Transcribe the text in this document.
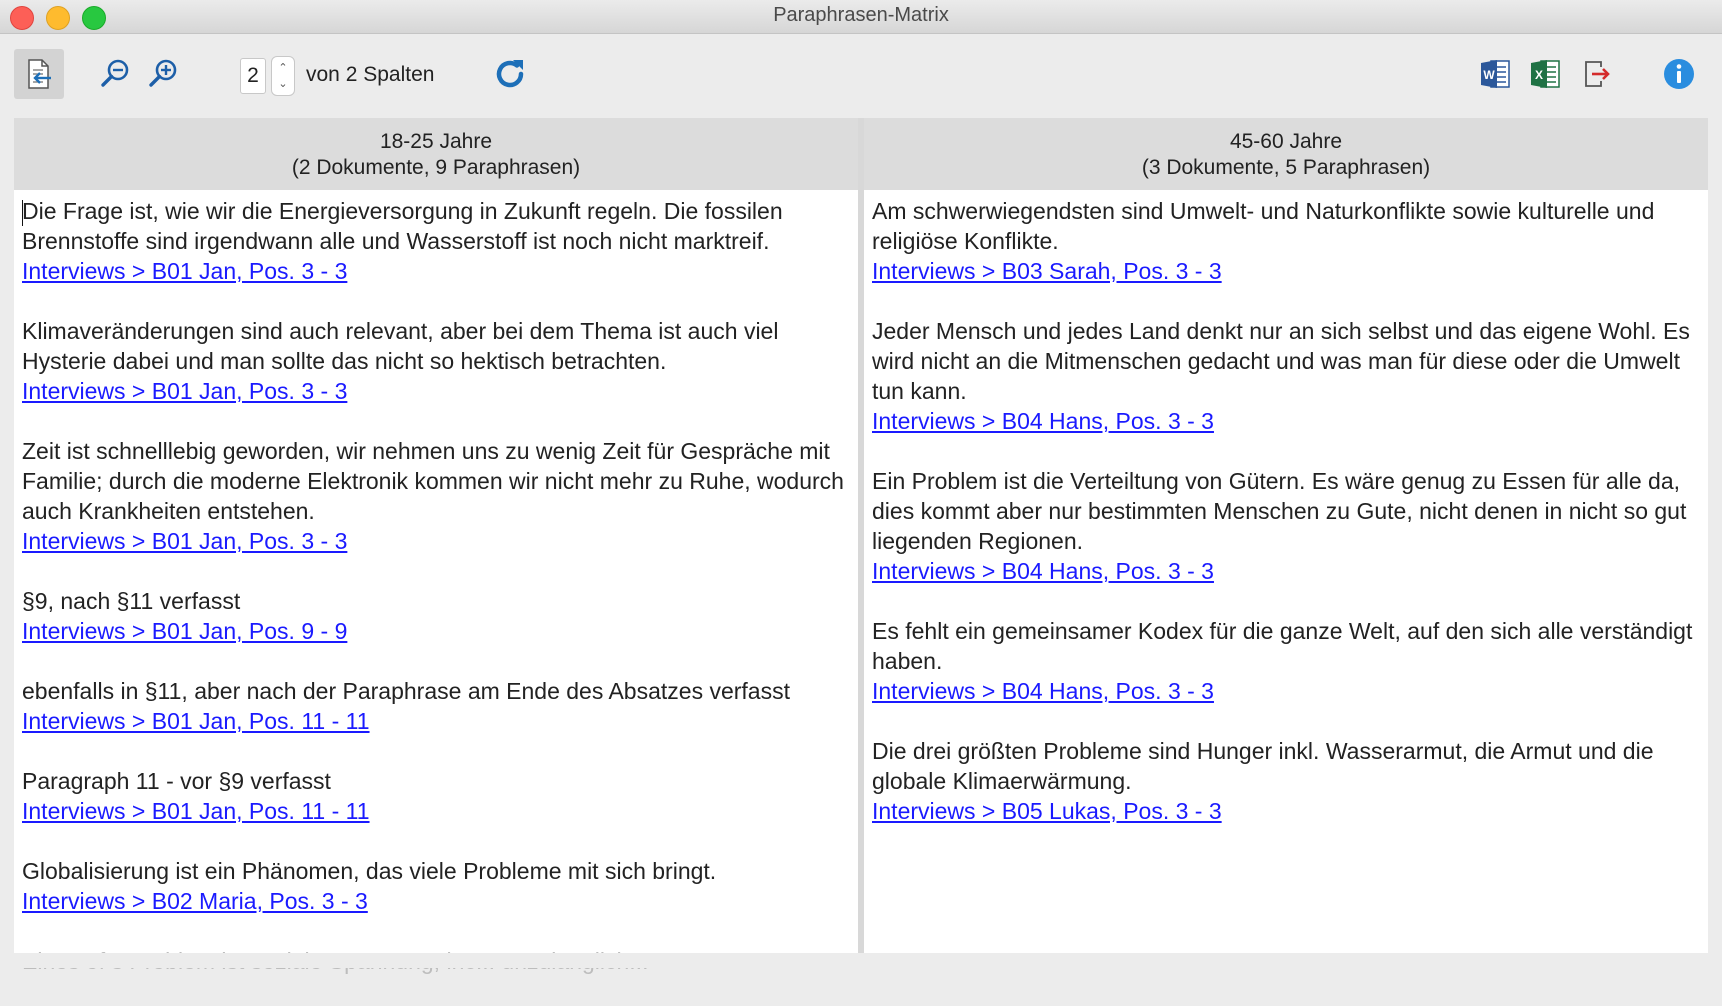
Paraphrasen-Matrix
2	⌃
⌄ von 2 Spalten	W	X
18-25 Jahre
(2 Dokumente, 9 Paraphrasen)
Die Frage ist, wie wir die Energieversorgung in Zukunft regeln. Die fossilen Brennstoffe sind irgendwann alle und Wasserstoff ist noch nicht marktreif.
Interviews > B01 Jan, Pos. 3 - 3
Klimaveränderungen sind auch relevant, aber bei dem Thema ist auch viel Hysterie dabei und man sollte das nicht so hektisch betrachten.
Interviews > B01 Jan, Pos. 3 - 3
Zeit ist schnelllebig geworden, wir nehmen uns zu wenig Zeit für Gespräche mit Familie; durch die moderne Elektronik kommen wir nicht mehr zu Ruhe, wodurch auch Krankheiten entstehen.
Interviews > B01 Jan, Pos. 3 - 3
§9, nach §11 verfasst
Interviews > B01 Jan, Pos. 9 - 9
ebenfalls in §11, aber nach der Paraphrase am Ende des Absatzes verfasst
Interviews > B01 Jan, Pos. 11 - 11
Paragraph 11 - vor §9 verfasst
Interviews > B01 Jan, Pos. 11 - 11
Globalisierung ist ein Phänomen, das viele Probleme mit sich bringt.
Interviews > B02 Maria, Pos. 3 - 3
45-60 Jahre
(3 Dokumente, 5 Paraphrasen)
Am schwerwiegendsten sind Umwelt- und Naturkonflikte sowie kulturelle und religiöse Konflikte.
Interviews > B03 Sarah, Pos. 3 - 3
Jeder Mensch und jedes Land denkt nur an sich selbst und das eigene Wohl. Es wird nicht an die Mitmenschen gedacht und was man für diese oder die Umwelt tun kann.
Interviews > B04 Hans, Pos. 3 - 3
Ein Problem ist die Verteiltung von Gütern. Es wäre genug zu Essen für alle da, dies kommt aber nur bestimmten Menschen zu Gute, nicht denen in nicht so gut liegenden Regionen.
Interviews > B04 Hans, Pos. 3 - 3
Es fehlt ein gemeinsamer Kodex für die ganze Welt, auf den sich alle verständigt haben.
Interviews > B04 Hans, Pos. 3 - 3
Die drei größten Probleme sind Hunger inkl. Wasserarmut, die Armut und die globale Klimaerwärmung.
Interviews > B05 Lukas, Pos. 3 - 3
